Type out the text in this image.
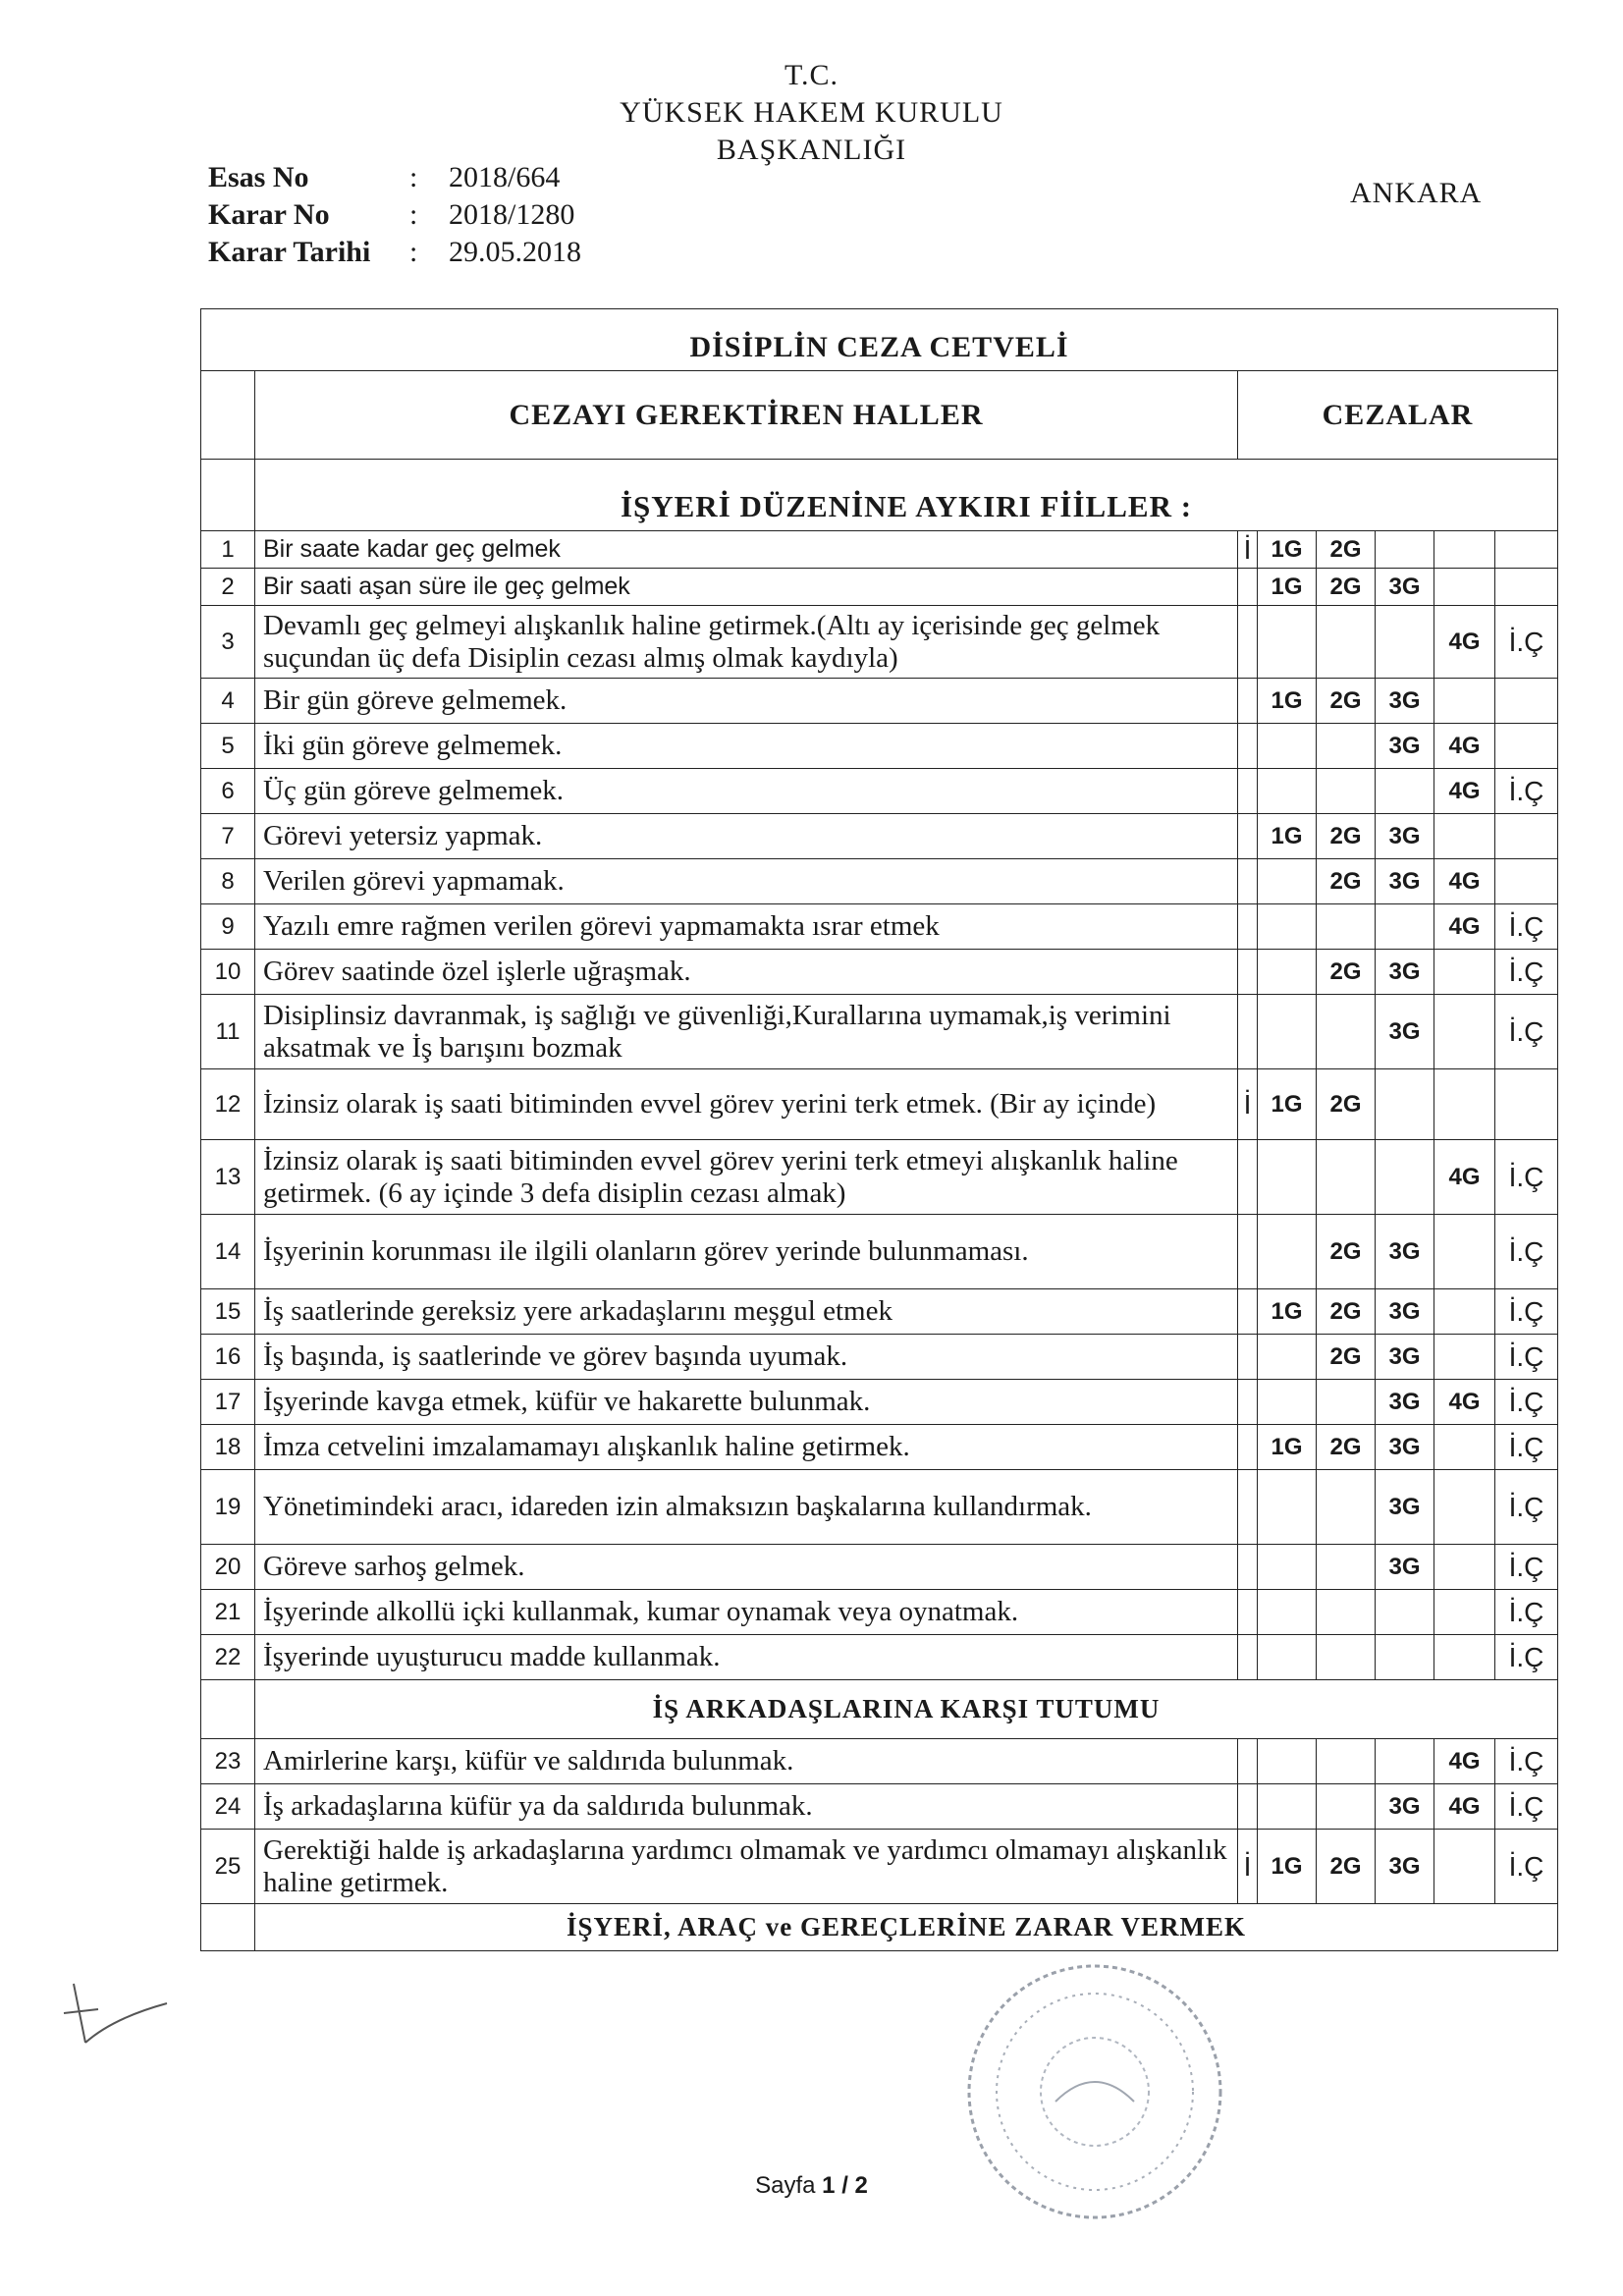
T.C.
YÜKSEK HAKEM KURULU
BAŞKANLIĞI
Esas No	:	2018/664
Karar No	:	2018/1280
Karar Tarihi	:	29.05.2018
ANKARA
DİSİPLİN CEZA CETVELİ							
	CEZAYI GEREKTİREN HALLER	CEZALAR					
	İŞYERİ DÜZENİNE AYKIRI FİİLLER :						
1	Bir saate kadar geç gelmek	İ	1G	2G			
2	Bir saati aşan süre ile geç gelmek		1G	2G	3G		
3	Devamlı geç gelmeyi alışkanlık haline getirmek.(Altı ay içerisinde geç gelmek suçundan üç defa Disiplin cezası almış olmak kaydıyla)					4G	İ.Ç
4	Bir gün göreve gelmemek.		1G	2G	3G		
5	İki gün göreve gelmemek.				3G	4G	
6	Üç gün göreve gelmemek.					4G	İ.Ç
7	Görevi yetersiz yapmak.		1G	2G	3G		
8	Verilen görevi yapmamak.			2G	3G	4G	
9	Yazılı emre rağmen verilen görevi yapmamakta ısrar etmek					4G	İ.Ç
10	Görev saatinde özel işlerle uğraşmak.			2G	3G		İ.Ç
11	Disiplinsiz davranmak, iş sağlığı ve güvenliği,Kurallarına uymamak,iş verimini aksatmak ve İş barışını bozmak				3G		İ.Ç
12	İzinsiz olarak iş saati bitiminden evvel görev yerini terk etmek. (Bir ay içinde)	İ	1G	2G			
13	İzinsiz olarak iş saati bitiminden evvel görev yerini terk etmeyi alışkanlık haline getirmek. (6 ay içinde 3 defa disiplin cezası almak)					4G	İ.Ç
14	İşyerinin korunması ile ilgili olanların görev yerinde bulunmaması.			2G	3G		İ.Ç
15	İş saatlerinde gereksiz yere arkadaşlarını meşgul etmek		1G	2G	3G		İ.Ç
16	İş başında, iş saatlerinde ve görev başında uyumak.			2G	3G		İ.Ç
17	İşyerinde kavga etmek, küfür ve hakarette bulunmak.				3G	4G	İ.Ç
18	İmza cetvelini imzalamamayı alışkanlık haline getirmek.		1G	2G	3G		İ.Ç
19	Yönetimindeki aracı, idareden izin almaksızın başkalarına kullandırmak.				3G		İ.Ç
20	Göreve sarhoş gelmek.				3G		İ.Ç
21	İşyerinde alkollü içki kullanmak, kumar oynamak veya oynatmak.						İ.Ç
22	İşyerinde uyuşturucu madde kullanmak.						İ.Ç
	İŞ ARKADAŞLARINA KARŞI TUTUMU						
23	Amirlerine karşı, küfür ve saldırıda bulunmak.					4G	İ.Ç
24	İş arkadaşlarına küfür ya da saldırıda bulunmak.				3G	4G	İ.Ç
25	Gerektiği halde iş arkadaşlarına yardımcı olmamak ve yardımcı olmamayı alışkanlık haline getirmek.	İ	1G	2G	3G		İ.Ç
	İŞYERİ, ARAÇ ve GEREÇLERİNE ZARAR VERMEK						
Sayfa 1 / 2
